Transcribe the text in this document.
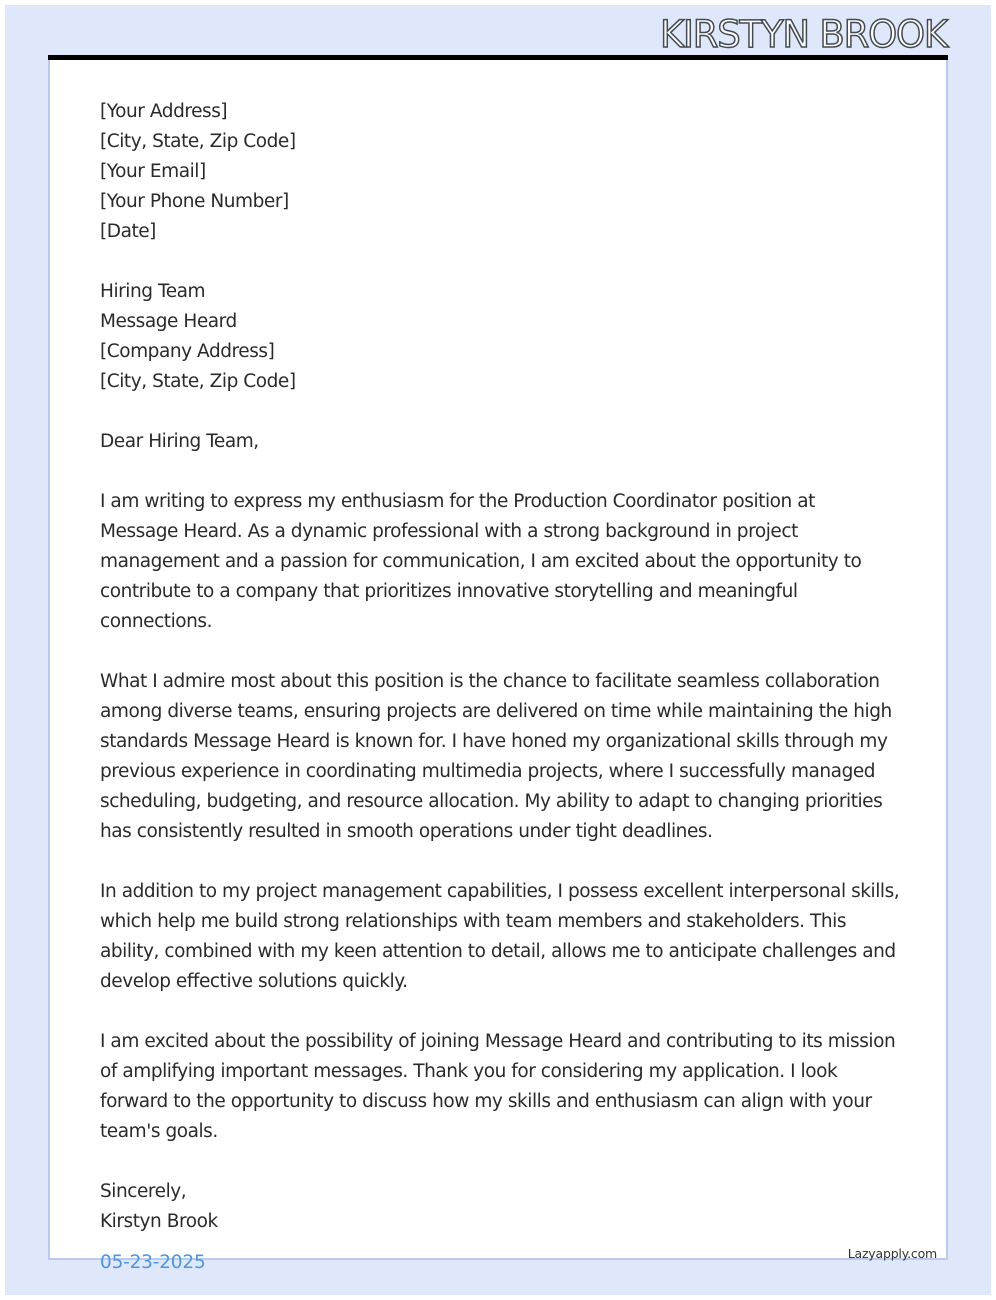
KIRSTYN BROOK

[Your Address]
[City, State, Zip Code]
[Your Email]
[Your Phone Number]
[Date]

Hiring Team
Message Heard
[Company Address]
[City, State, Zip Code]

Dear Hiring Team,

I am writing to express my enthusiasm for the Production Coordinator position at
Message Heard. As a dynamic professional with a strong background in project
management and a passion for communication, I am excited about the opportunity to
contribute to a company that prioritizes innovative storytelling and meaningful
connections.

What I admire most about this position is the chance to facilitate seamless collaboration
among diverse teams, ensuring projects are delivered on time while maintaining the high
standards Message Heard is known for. I have honed my organizational skills through my
previous experience in coordinating multimedia projects, where I successfully managed
scheduling, budgeting, and resource allocation. My ability to adapt to changing priorities
has consistently resulted in smooth operations under tight deadlines.

In addition to my project management capabilities, I possess excellent interpersonal skills,
which help me build strong relationships with team members and stakeholders. This
ability, combined with my keen attention to detail, allows me to anticipate challenges and
develop effective solutions quickly.

I am excited about the possibility of joining Message Heard and contributing to its mission
of amplifying important messages. Thank you for considering my application. I look
forward to the opportunity to discuss how my skills and enthusiasm can align with your
team's goals.

Sincerely,
Kirstyn Brook

05-23-2025	Lazyapply.com
